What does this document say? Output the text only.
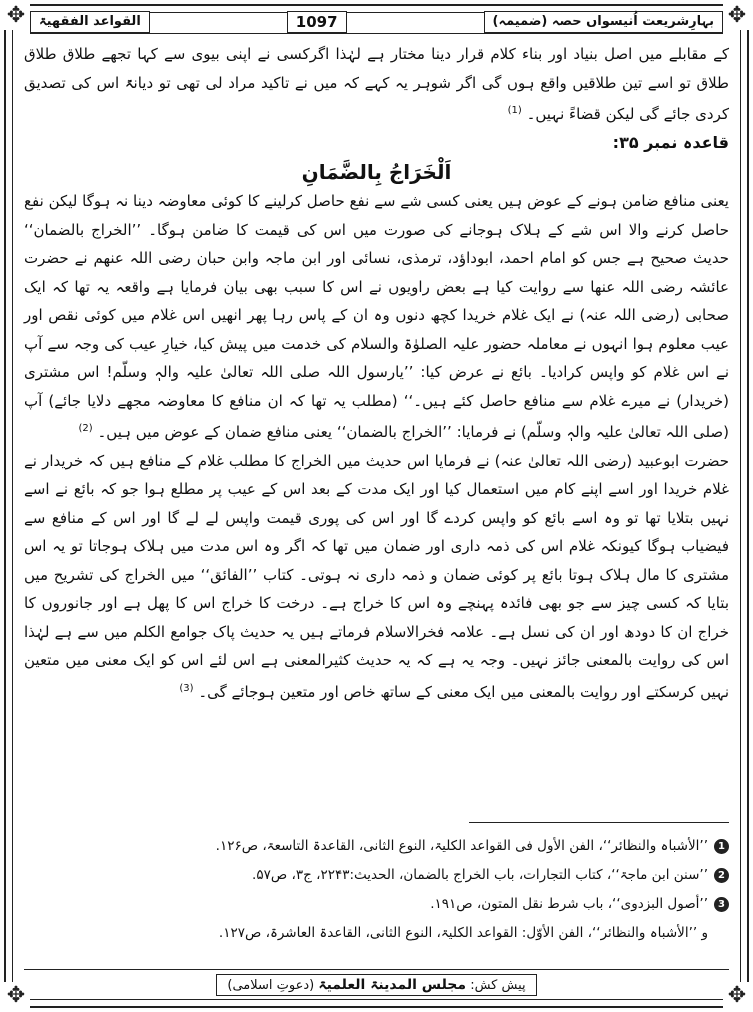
✥	✥
✥	✥
بہارِشریعت اُنیسواں حصہ (ضمیمہ)
1097
القواعد الفقھیۃ

کے مقابلے میں اصل بنیاد اور بناء کلام قرار دینا مختار ہے لہٰذا اگرکسی نے اپنی بیوی سے کہا تجھے طلاق طلاق طلاق تو اسے تین طلاقیں واقع ہوں گی اگر شوہر یہ کہے کہ میں نے تاکید مراد لی تھی تو دیانۃً اس کی تصدیق کردی جائے گی لیکن قضاءً نہیں۔ $^{(1)}$

قاعدہ نمبر ۳۵:

اَلْخَرَاجُ بِالضَّمَانِ

یعنی منافع ضامن ہونے کے عوض ہیں یعنی کسی شے سے نفع حاصل کرلینے کا کوئی معاوضہ دینا نہ ہوگا لیکن نفع حاصل کرنے والا اس شے کے ہلاک ہوجانے کی صورت میں اس کی قیمت کا ضامن ہوگا۔ ’’الخراج بالضمان‘‘ حدیث صحیح ہے جس کو امام احمد، ابوداؤد، ترمذی، نسائی اور ابن ماجہ وابن حبان رضی اللہ عنھم نے حضرت عائشہ رضی اللہ عنھا سے روایت کیا ہے بعض راویوں نے اس کا سبب بھی بیان فرمایا ہے واقعہ یہ تھا کہ ایک صحابی (رضی اللہ عنہ) نے ایک غلام خریدا کچھ دنوں وہ ان کے پاس رہا پھر انھیں اس غلام میں کوئی نقص اور عیب معلوم ہوا انہوں نے معاملہ حضور علیہ الصلوٰۃ والسلام کی خدمت میں پیش کیا، خیارِ عیب کی وجہ سے آپ نے اس غلام کو واپس کرادیا۔ بائع نے عرض کیا: ’’یارسول اللہ صلی اللہ تعالیٰ علیہ والہٖ وسلّم! اس مشتری (خریدار) نے میرے غلام سے منافع حاصل کئے ہیں۔‘‘ (مطلب یہ تھا کہ ان منافع کا معاوضہ مجھے دلایا جائے) آپ (صلی اللہ تعالیٰ علیہ والہٖ وسلّم) نے فرمایا: ’’الخراج بالضمان‘‘ یعنی منافع ضمان کے عوض میں ہیں۔ $^{(2)}$

حضرت ابوعبید (رضی اللہ تعالیٰ عنہ) نے فرمایا اس حدیث میں الخراج کا مطلب غلام کے منافع ہیں کہ خریدار نے غلام خریدا اور اسے اپنے کام میں استعمال کیا اور ایک مدت کے بعد اس کے عیب پر مطلع ہوا جو کہ بائع نے اسے نہیں بتلایا تھا تو وہ اسے بائع کو واپس کردے گا اور اس کی پوری قیمت واپس لے لے گا اور اس کے منافع سے فیضیاب ہوگا کیونکہ غلام اس کی ذمہ داری اور ضمان میں تھا کہ اگر وہ اس مدت میں ہلاک ہوجاتا تو یہ اس مشتری کا مال ہلاک ہوتا بائع پر کوئی ضمان و ذمہ داری نہ ہوتی۔ کتاب ’’الفائق‘‘ میں الخراج کی تشریح میں بتایا کہ کسی چیز سے جو بھی فائدہ پہنچے وہ اس کا خراج ہے۔ درخت کا خراج اس کا پھل ہے اور جانوروں کا خراج ان کا دودھ اور ان کی نسل ہے۔ علامہ فخرالاسلام فرماتے ہیں یہ حدیث پاک جوامع الکلم میں سے ہے لہٰذا اس کی روایت بالمعنی جائز نہیں۔ وجہ یہ ہے کہ یہ حدیث کثیرالمعنی ہے اس لئے اس کو ایک معنی میں متعین نہیں کرسکتے اور روایت بالمعنی میں ایک معنی کے ساتھ خاص اور متعین ہوجائے گی۔ $^{(3)}$

1
’’الأشباہ والنظائر‘‘، الفن الأول فی القواعد الکلیۃ، النوع الثانی، القاعدۃ التاسعۃ، ص۱۲۶.
2
’’سنن ابن ماجۃ‘‘، کتاب التجارات، باب الخراج بالضمان، الحدیث:۲۲۴۳، ج۳، ص۵۷.
3
’’أصول البزدوی‘‘، باب شرط نقل المتون، ص۱۹۱.
و ’’الأشباہ والنظائر‘‘، الفن الأوّل: القواعد الکلیۃ، النوع الثانی، القاعدۃ العاشرۃ، ص۱۲۷.
پیش کش: مجلس المدینۃ العلمیۃ (دعوتِ اسلامی)
